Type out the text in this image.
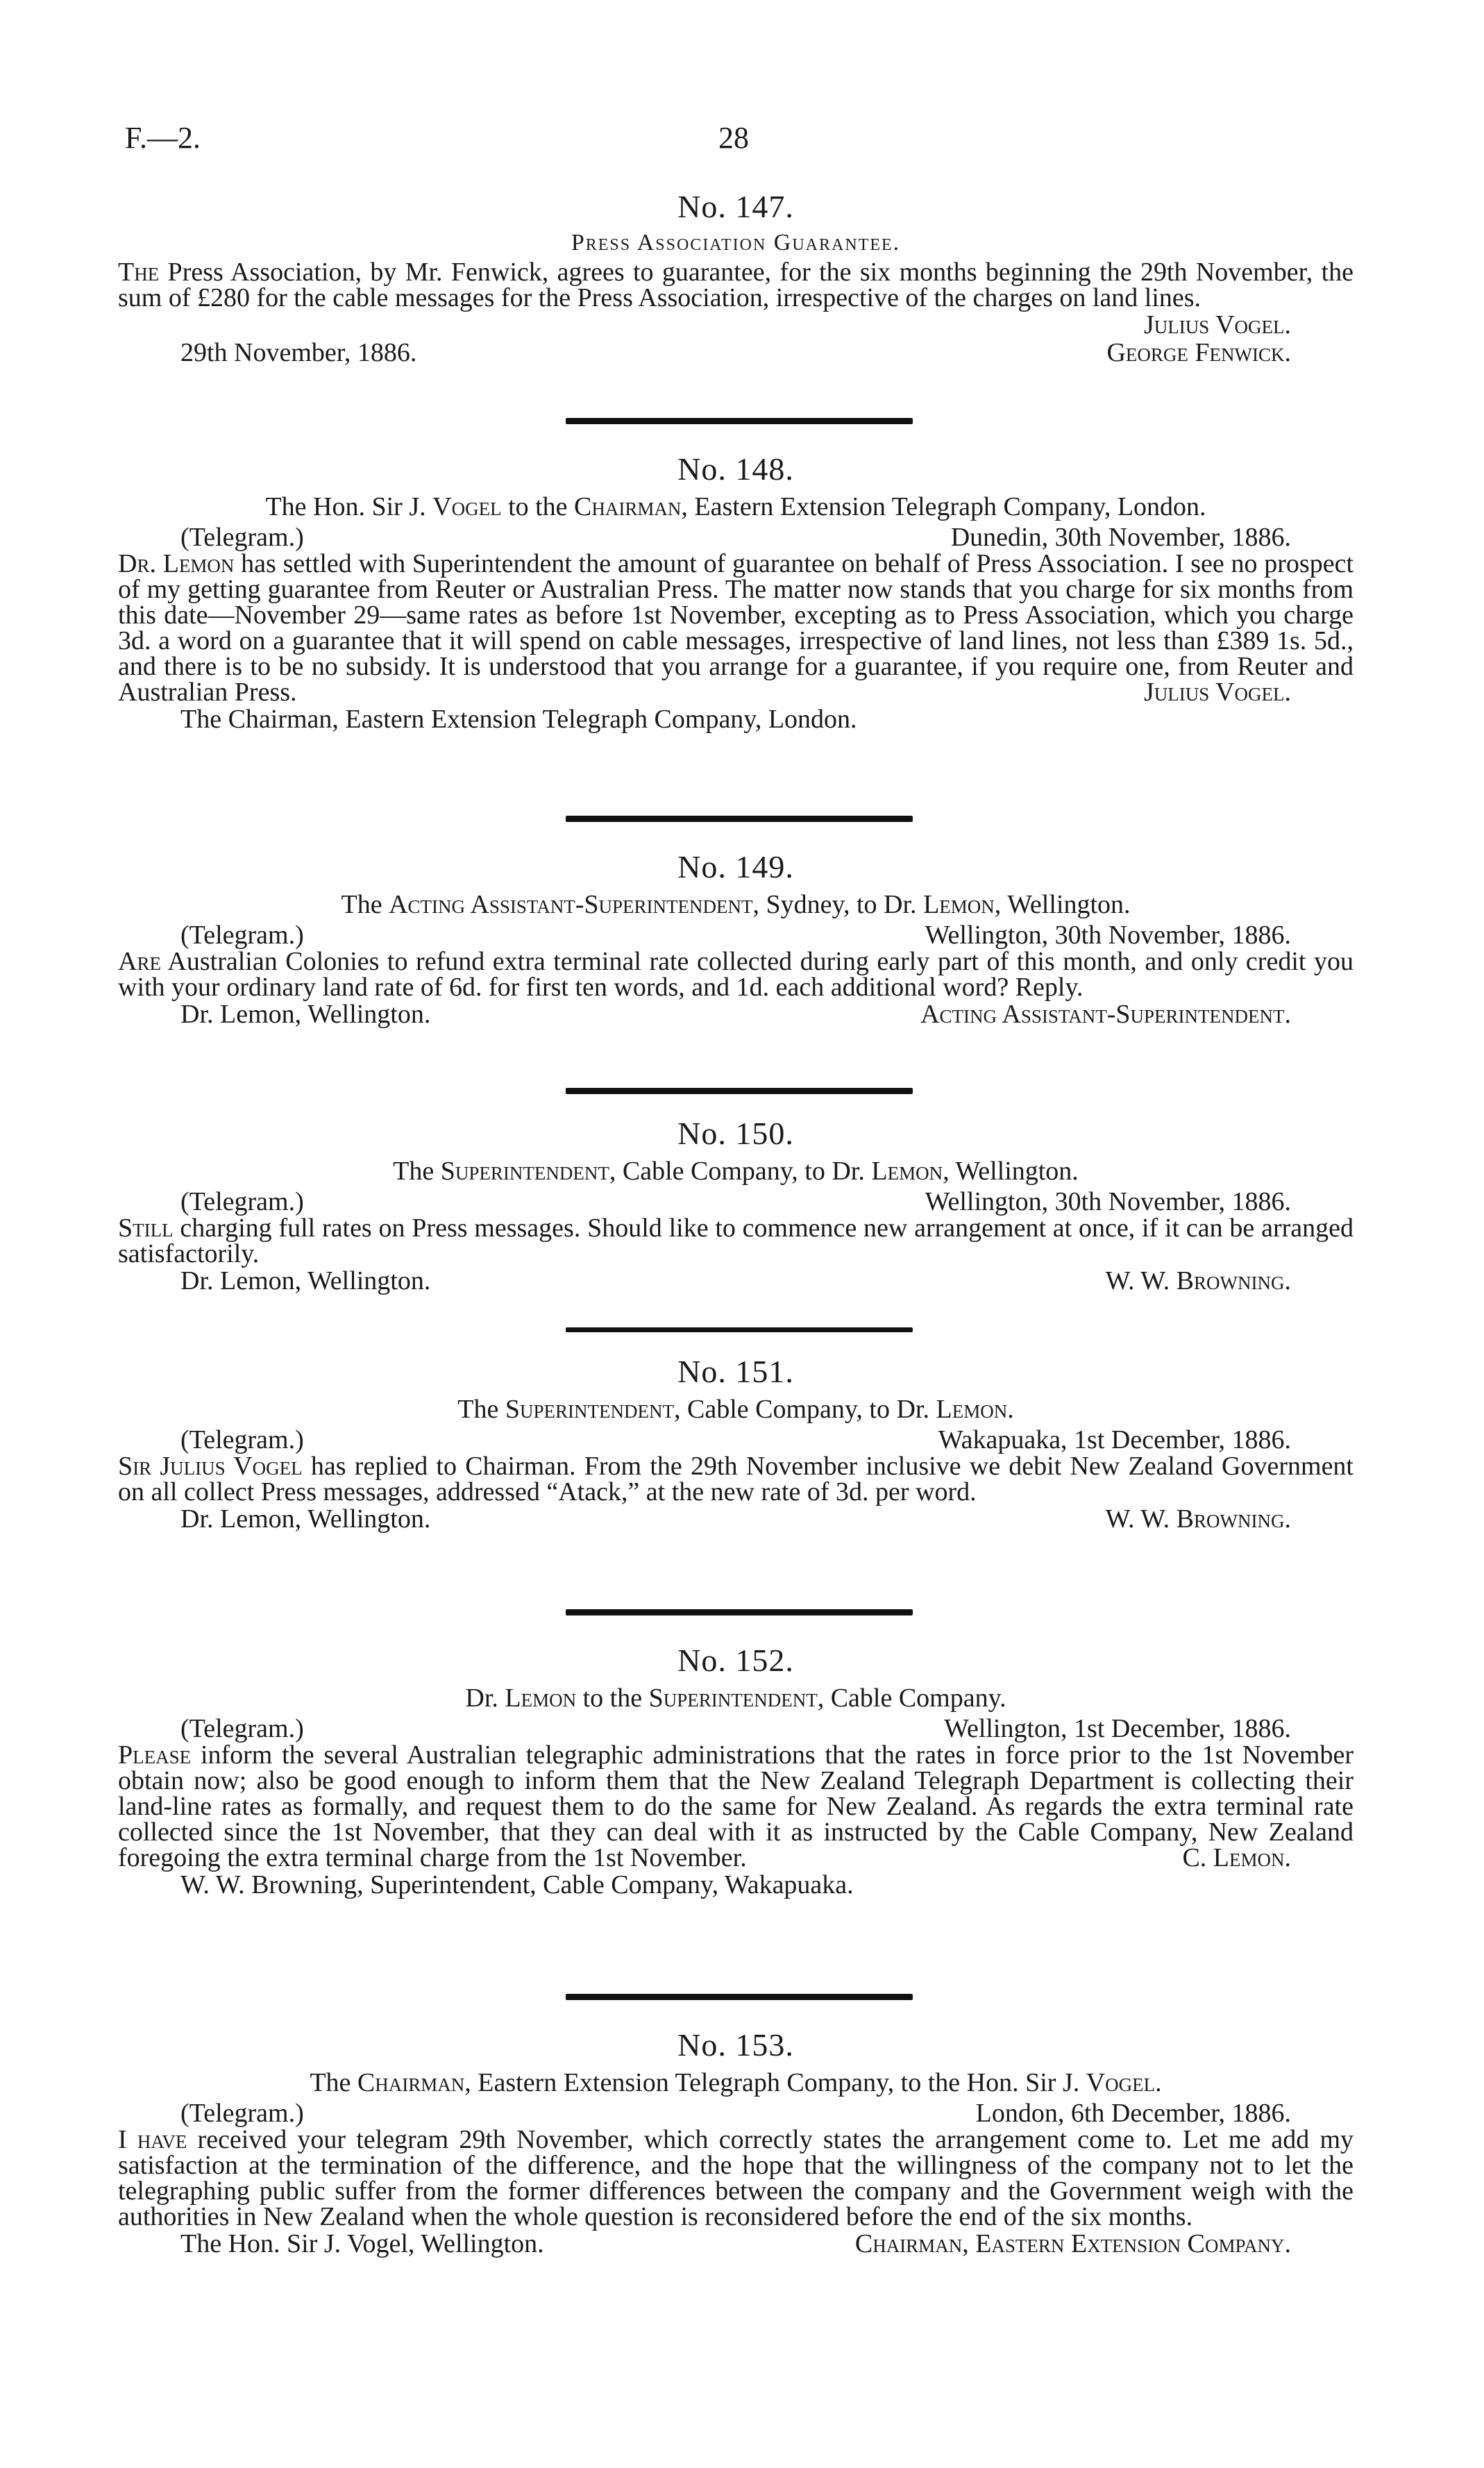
F.—2.	28
No. 147.
Press Association Guarantee.
The Press Association, by Mr. Fenwick, agrees to guarantee, for the six months beginning the 29th November, the sum of £280 for the cable messages for the Press Association, irrespective of the charges on land lines.
Julius Vogel.
29th November, 1886.	George Fenwick.
No. 148.
The Hon. Sir J. Vogel to the Chairman, Eastern Extension Telegraph Company, London.
(Telegram.)	Dunedin, 30th November, 1886.
Dr. Lemon has settled with Superintendent the amount of guarantee on behalf of Press Association. I see no prospect of my getting guarantee from Reuter or Australian Press. The matter now stands that you charge for six months from this date—November 29—same rates as before 1st November, excepting as to Press Association, which you charge 3d. a word on a guarantee that it will spend on cable messages, irrespective of land lines, not less than £389 1s. 5d., and there is to be no subsidy. It is understood that you arrange for a guarantee, if you require one, from Reuter and Australian Press.	Julius Vogel.
The Chairman, Eastern Extension Telegraph Company, London.
No. 149.
The Acting Assistant-Superintendent, Sydney, to Dr. Lemon, Wellington.
(Telegram.)	Wellington, 30th November, 1886.
Are Australian Colonies to refund extra terminal rate collected during early part of this month, and only credit you with your ordinary land rate of 6d. for first ten words, and 1d. each additional word? Reply.
Dr. Lemon, Wellington.	Acting Assistant-Superintendent.
No. 150.
The Superintendent, Cable Company, to Dr. Lemon, Wellington.
(Telegram.)	Wellington, 30th November, 1886.
Still charging full rates on Press messages. Should like to commence new arrangement at once, if it can be arranged satisfactorily.
Dr. Lemon, Wellington.	W. W. Browning.
No. 151.
The Superintendent, Cable Company, to Dr. Lemon.
(Telegram.)	Wakapuaka, 1st December, 1886.
Sir Julius Vogel has replied to Chairman. From the 29th November inclusive we debit New Zealand Government on all collect Press messages, addressed “Atack,” at the new rate of 3d. per word.
Dr. Lemon, Wellington.	W. W. Browning.
No. 152.
Dr. Lemon to the Superintendent, Cable Company.
(Telegram.)	Wellington, 1st December, 1886.
Please inform the several Australian telegraphic administrations that the rates in force prior to the 1st November obtain now; also be good enough to inform them that the New Zealand Telegraph Department is collecting their land-line rates as formally, and request them to do the same for New Zealand. As regards the extra terminal rate collected since the 1st November, that they can deal with it as instructed by the Cable Company, New Zealand foregoing the extra terminal charge from the 1st November.	C. Lemon.
W. W. Browning, Superintendent, Cable Company, Wakapuaka.
No. 153.
The Chairman, Eastern Extension Telegraph Company, to the Hon. Sir J. Vogel.
(Telegram.)	London, 6th December, 1886.
I have received your telegram 29th November, which correctly states the arrangement come to. Let me add my satisfaction at the termination of the difference, and the hope that the willingness of the company not to let the telegraphing public suffer from the former differences between the company and the Government weigh with the authorities in New Zealand when the whole question is reconsidered before the end of the six months.
The Hon. Sir J. Vogel, Wellington.	Chairman, Eastern Extension Company.
